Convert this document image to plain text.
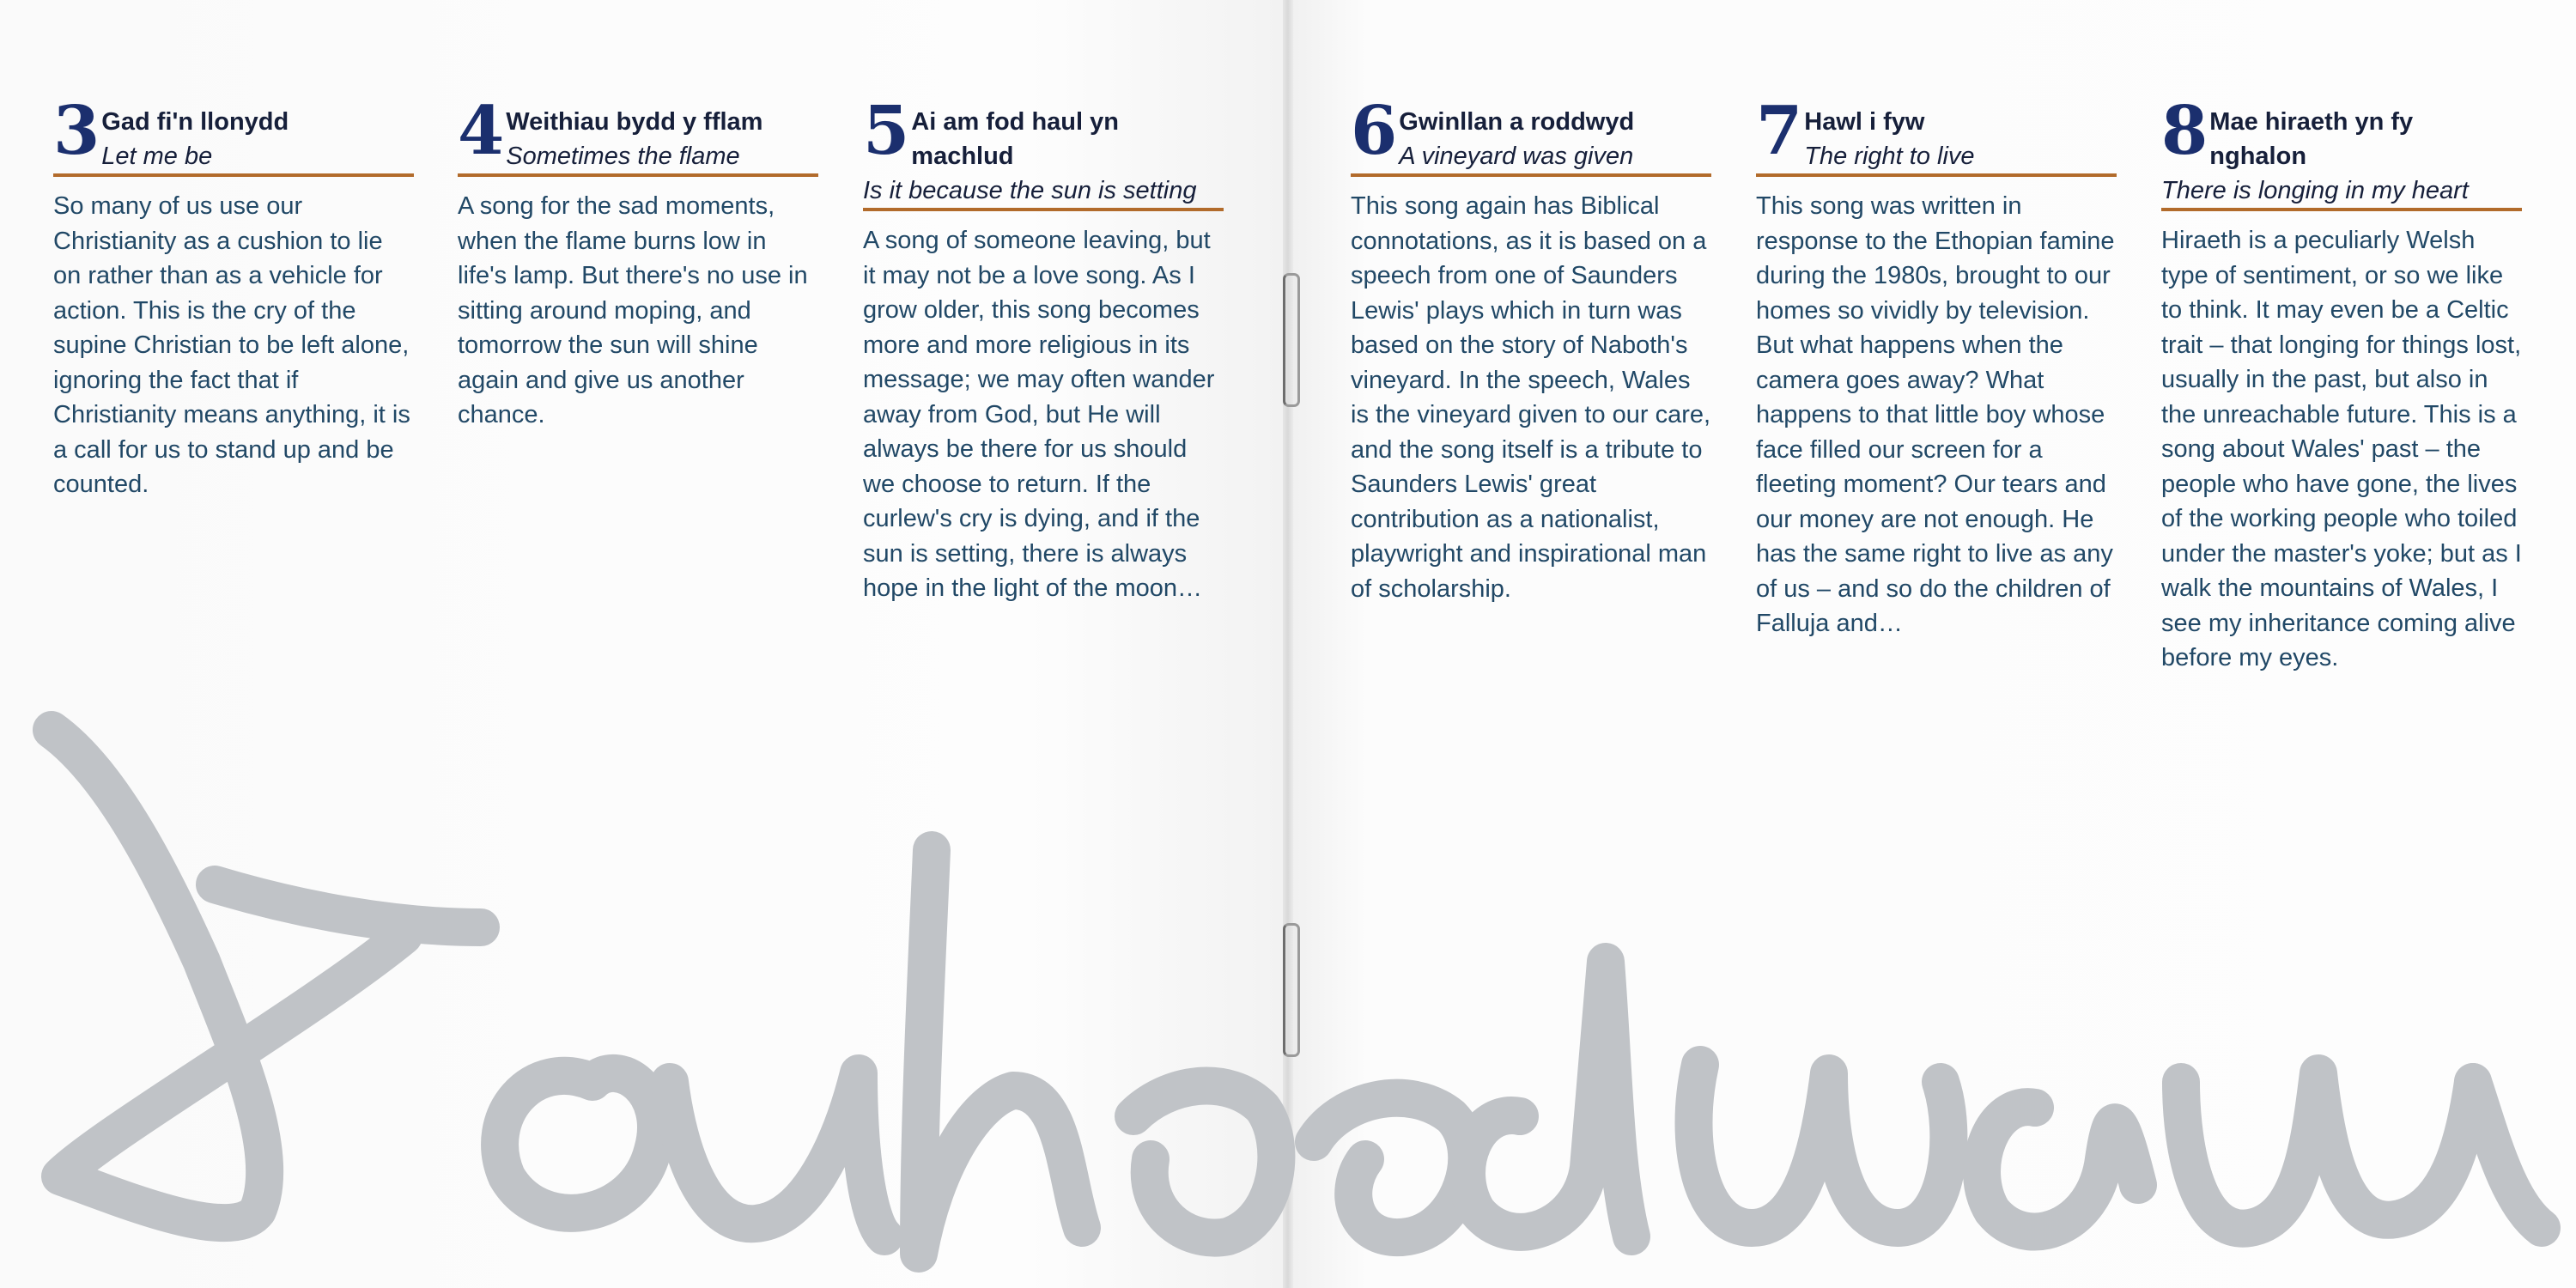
3 Gad fi'n llonydd
Let me be

So many of us use our Christianity as a cushion to lie on rather than as a vehicle for action. This is the cry of the supine Christian to be left alone, ignoring the fact that if Christianity means anything, it is a call for us to stand up and be counted.

4 Weithiau bydd y fflam
Sometimes the flame

A song for the sad moments, when the flame burns low in life's lamp. But there's no use in sitting around moping, and tomorrow the sun will shine again and give us another chance.

5 Ai am fod haul yn machlud
Is it because the sun is setting

A song of someone leaving, but it may not be a love song. As I grow older, this song becomes more and more religious in its message; we may often wander away from God, but He will always be there for us should we choose to return. If the curlew's cry is dying, and if the sun is setting, there is always hope in the light of the moon…

6 Gwinllan a roddwyd
A vineyard was given

This song again has Biblical connotations, as it is based on a speech from one of Saunders Lewis' plays which in turn was based on the story of Naboth's vineyard. In the speech, Wales is the vineyard given to our care, and the song itself is a tribute to Saunders Lewis' great contribution as a nationalist, playwright and inspirational man of scholarship.

7 Hawl i fyw
The right to live

This song was written in response to the Ethopian famine during the 1980s, brought to our homes so vividly by television. But what happens when the camera goes away? What happens to that little boy whose face filled our screen for a fleeting moment? Our tears and our money are not enough. He has the same right to live as any of us – and so do the children of Falluja and…

8 Mae hiraeth yn fy nghalon
There is longing in my heart

Hiraeth is a peculiarly Welsh type of sentiment, or so we like to think. It may even be a Celtic trait – that longing for things lost, usually in the past, but also in the unreachable future. This is a song about Wales' past – the people who have gone, the lives of the working people who toiled under the master's yoke; but as I walk the mountains of Wales, I see my inheritance coming alive before my eyes.
